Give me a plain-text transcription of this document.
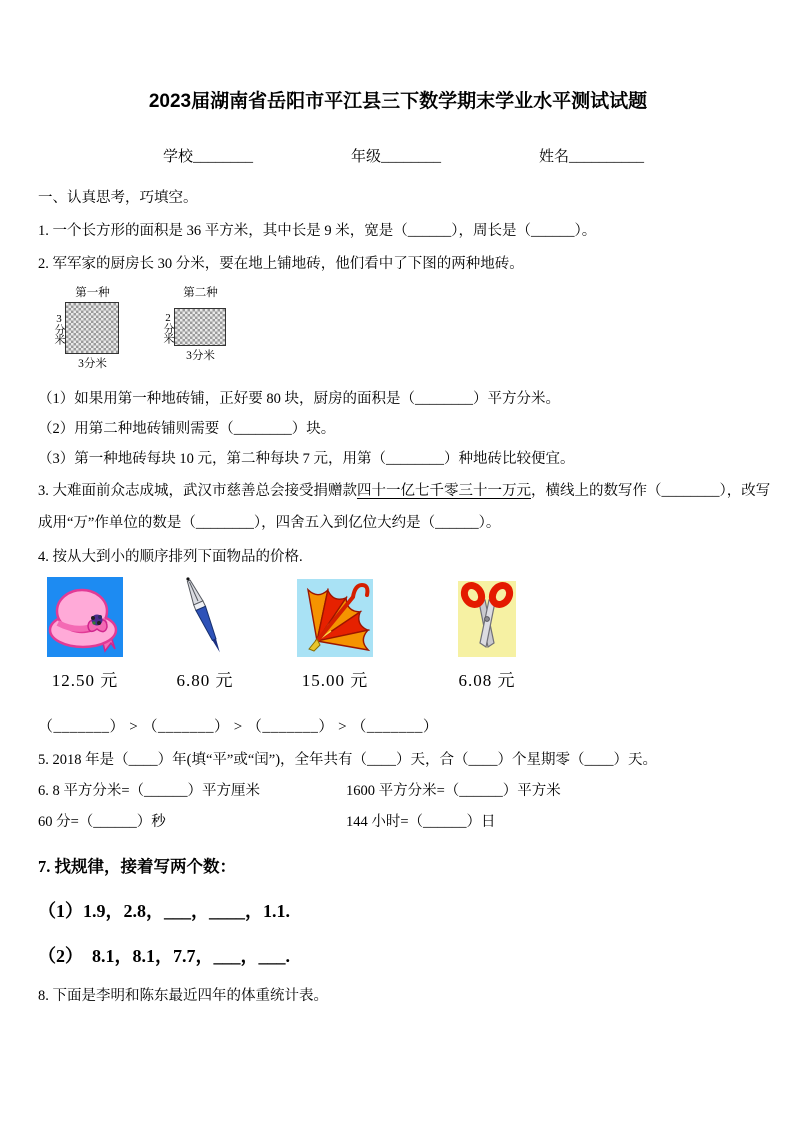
2023届湖南省岳阳市平江县三下数学期末学业水平测试试题
学校________	年级________	姓名__________
一、认真思考，巧填空。
1. 一个长方形的面积是 36 平方米，其中长是 9 米，宽是（______），周长是（______）。
2. 军军家的厨房长 30 分米，要在地上铺地砖，他们看中了下图的两种地砖。
第一种
3分米
3分米
第二种
2分米
3分米
（1）如果用第一种地砖铺，正好要 80 块，厨房的面积是（________）平方分米。
（2）用第二种地砖铺则需要（________）块。
（3）第一种地砖每块 10 元，第二种每块 7 元，用第（________）种地砖比较便宜。
3. 大难面前众志成城，武汉市慈善总会接受捐赠款四十一亿七千零三十一万元，横线上的数写作（________），改写
成用“万”作单位的数是（________），四舍五入到亿位大约是（______）。
4. 按从大到小的顺序排列下面物品的价格.
12.50 元	6.80 元	15.00 元	6.08 元
（_______） > （_______） > （_______） > （_______）
5. 2018 年是（____）年(填“平”或“闰”)，全年共有（____）天，合（____）个星期零（____）天。
6. 8 平方分米=（______）平方厘米	1600 平方分米=（______）平方米
60 分=（______）秒	144 小时=（______）日
7. 找规律，接着写两个数：
（1）1.9，2.8，___，____，1.1.
（2）  8.1，8.1，7.7，___，___.
8. 下面是李明和陈东最近四年的体重统计表。
